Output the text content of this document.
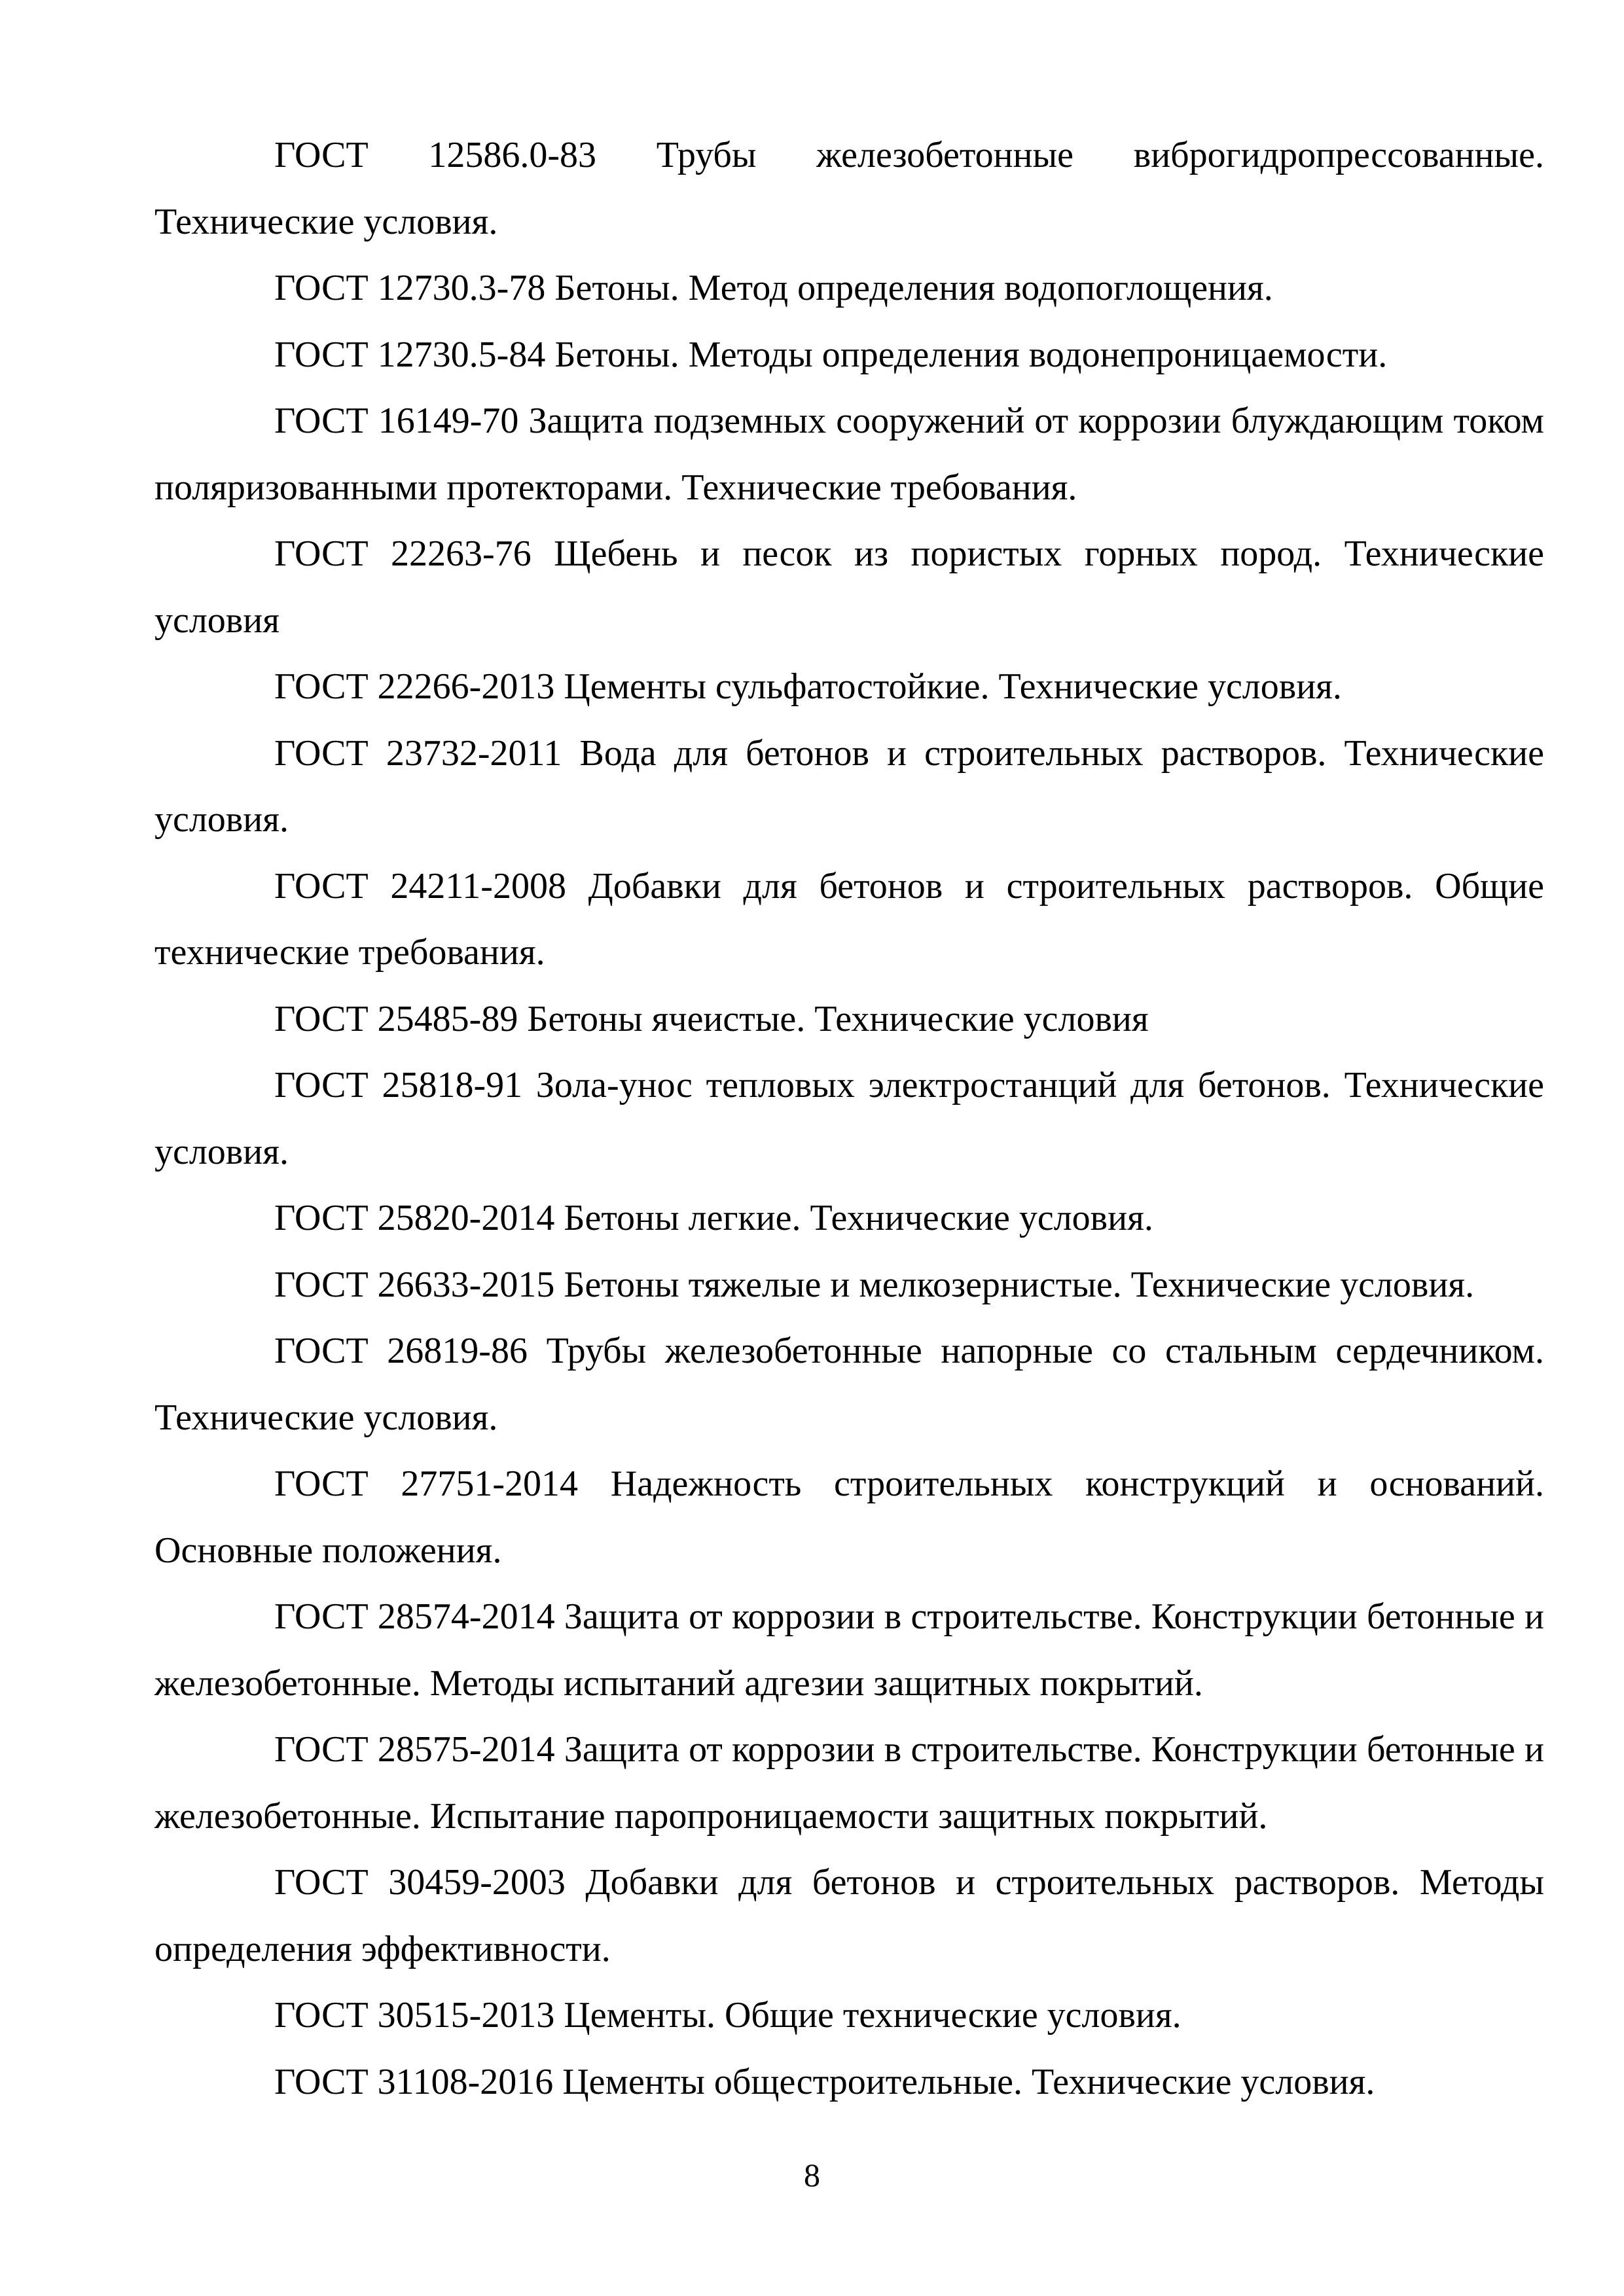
ГОСТ 12586.0-83 Трубы железобетонные виброгидропрессованные. Технические условия.

ГОСТ 12730.3-78 Бетоны. Метод определения водопоглощения.

ГОСТ 12730.5-84 Бетоны. Методы определения водонепроницаемости.

ГОСТ 16149-70 Защита подземных сооружений от коррозии блуждающим током поляризованными протекторами. Технические требования.

ГОСТ 22263-76 Щебень и песок из пористых горных пород. Технические условия

ГОСТ 22266-2013 Цементы сульфатостойкие. Технические условия.

ГОСТ 23732-2011 Вода для бетонов и строительных растворов. Технические условия.

ГОСТ 24211-2008 Добавки для бетонов и строительных растворов. Общие технические требования.

ГОСТ 25485-89 Бетоны ячеистые. Технические условия

ГОСТ 25818-91 Зола-унос тепловых электростанций для бетонов. Технические условия.

ГОСТ 25820-2014 Бетоны легкие. Технические условия.

ГОСТ 26633-2015 Бетоны тяжелые и мелкозернистые. Технические условия.

ГОСТ 26819-86 Трубы железобетонные напорные со стальным сердечником. Технические условия.

ГОСТ 27751-2014 Надежность строительных конструкций и оснований. Основные положения.

ГОСТ 28574-2014 Защита от коррозии в строительстве. Конструкции бетонные и железобетонные. Методы испытаний адгезии защитных покрытий.

ГОСТ 28575-2014 Защита от коррозии в строительстве. Конструкции бетонные и железобетонные. Испытание паропроницаемости защитных покрытий.

ГОСТ 30459-2003 Добавки для бетонов и строительных растворов. Методы определения эффективности.

ГОСТ 30515-2013 Цементы. Общие технические условия.

ГОСТ 31108-2016 Цементы общестроительные. Технические условия.

8
